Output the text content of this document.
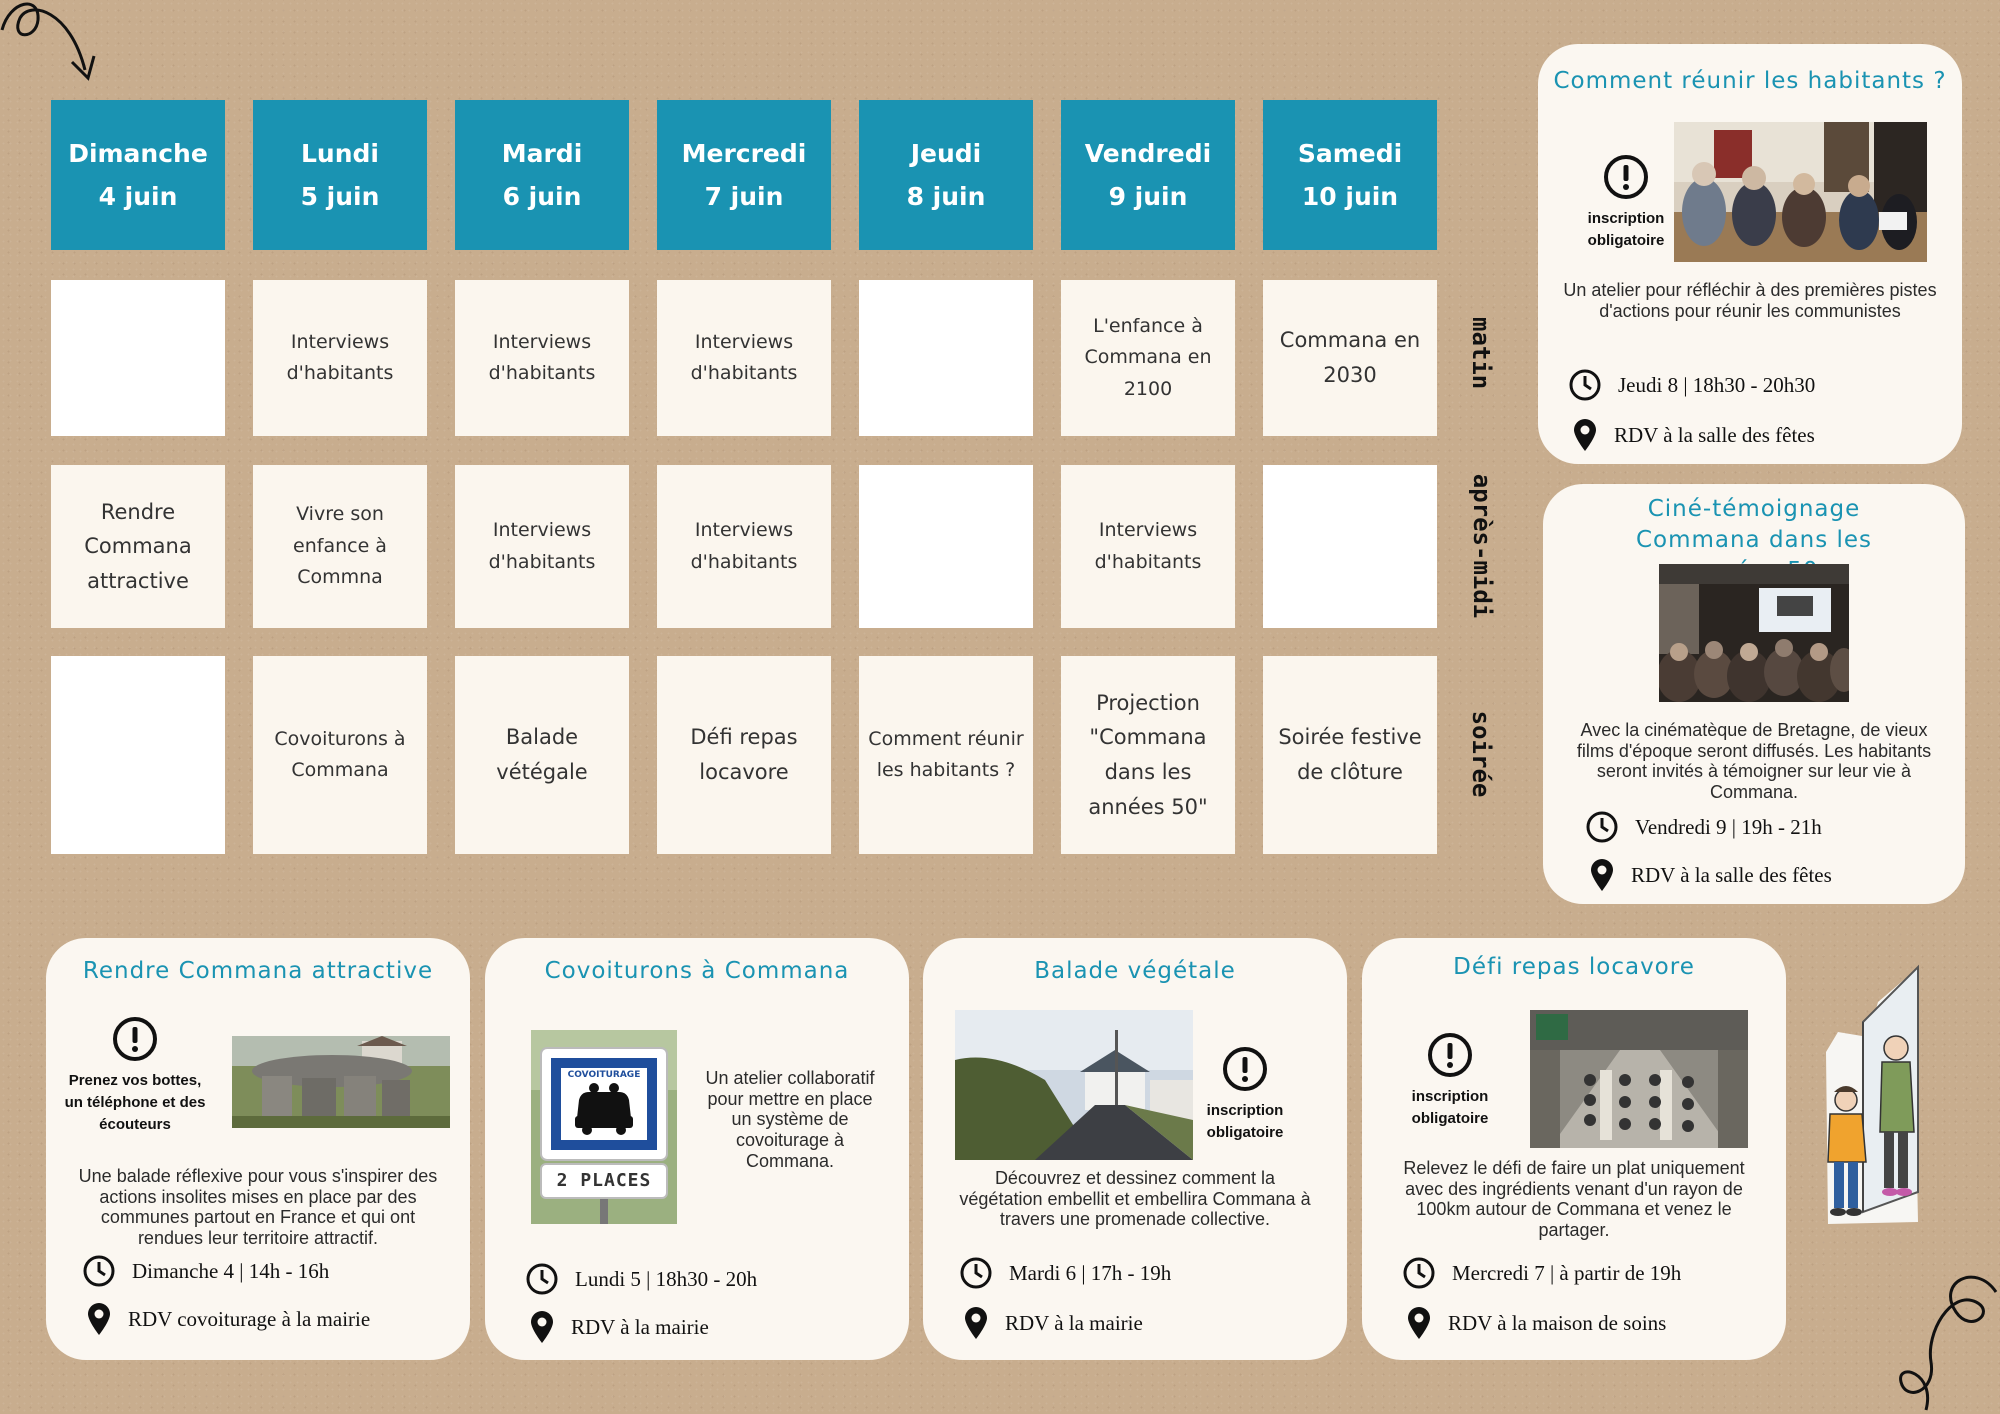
Dimanche
4 juin
Lundi
5 juin
Mardi
6 juin
Mercredi
7 juin
Jeudi
8 juin
Vendredi
9 juin
Samedi
10 juin
Interviews d'habitants
Interviews d'habitants
Interviews d'habitants
L'enfance à Commana en 2100
Commana en 2030
Rendre Commana attractive
Vivre son enfance à Commna
Interviews d'habitants
Interviews d'habitants
Interviews d'habitants
Covoiturons à Commana
Balade vétégale
Défi repas locavore
Comment réunir les habitants ?
Projection "Commana dans les années 50"
Soirée festive de clôture
matin
après-midi
soirée
Comment réunir les habitants ?
inscription obligatoire
Un atelier pour réfléchir à des premières pistes d'actions pour réunir les communistes
Jeudi 8 | 18h30 - 20h30
RDV à la salle des fêtes
Ciné-témoignage Commana dans les
Avec la cinématèque de Bretagne, de vieux films d'époque seront diffusés. Les habitants seront invités à témoigner sur leur vie à Commana.
Vendredi 9 | 19h - 21h
RDV à la salle des fêtes
Rendre Commana attractive
Prenez vos bottes, un téléphone et des écouteurs
Une balade réflexive pour vous s'inspirer des actions insolites mises en place par des communes partout en France et qui ont rendues leur territoire attractif.
Dimanche 4 | 14h - 16h
RDV covoiturage à la mairie
Covoiturons à Commana
COVOITURAGE
2 PLACES
Un atelier collaboratif pour mettre en place un système de covoiturage à Commana.
Lundi 5 | 18h30 - 20h
RDV à la mairie
Balade végétale
inscription obligatoire
Découvrez et dessinez comment la végétation embellit et embellira Commana à travers une promenade collective.
Mardi 6 | 17h - 19h
RDV à la mairie
Défi repas locavore
inscription obligatoire
Relevez le défi de faire un plat uniquement avec des ingrédients venant d'un rayon de 100km autour de Commana et venez le partager.
Mercredi 7 | à partir de 19h
RDV à la maison de soins
